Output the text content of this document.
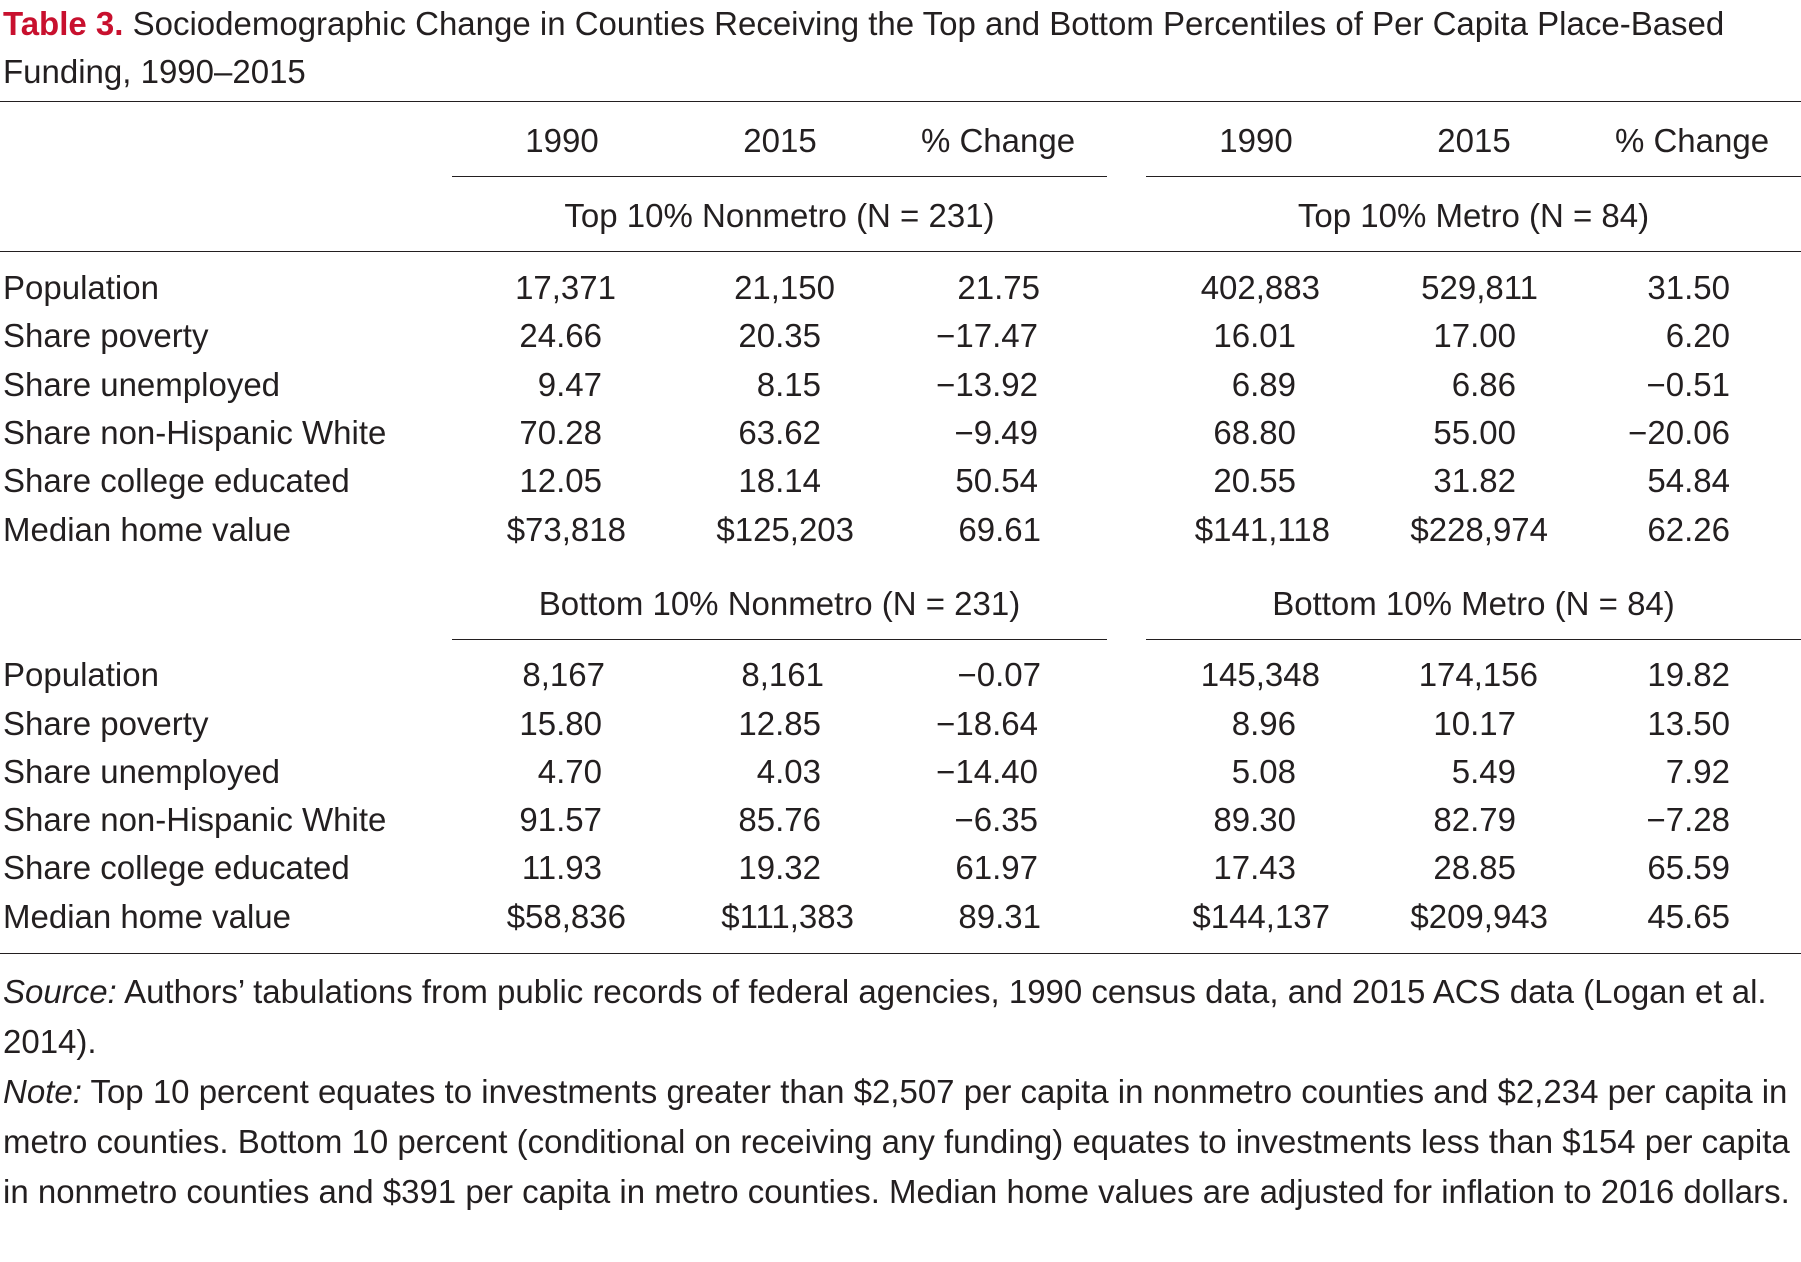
Table 3. Sociodemographic Change in Counties Receiving the Top and Bottom Percentiles of Per Capita Place-Based Funding, 1990–2015
1990	2015	% Change	1990	2015	% Change
Top 10% Nonmetro (N = 231)	Top 10% Metro (N = 84)
Population	17,371	21,150	21.75	402,883	529,811	31.50
Share poverty	24.66	20.35	−17.47	16.01	17.00	6.20
Share unemployed	9.47	8.15	−13.92	6.89	6.86	−0.51
Share non-Hispanic White	70.28	63.62	−9.49	68.80	55.00	−20.06
Share college educated	12.05	18.14	50.54	20.55	31.82	54.84
Median home value	$73,818	$125,203	69.61	$141,118	$228,974	62.26
Bottom 10% Nonmetro (N = 231)	Bottom 10% Metro (N = 84)
Population	8,167	8,161	−0.07	145,348	174,156	19.82
Share poverty	15.80	12.85	−18.64	8.96	10.17	13.50
Share unemployed	4.70	4.03	−14.40	5.08	5.49	7.92
Share non-Hispanic White	91.57	85.76	−6.35	89.30	82.79	−7.28
Share college educated	11.93	19.32	61.97	17.43	28.85	65.59
Median home value	$58,836	$111,383	89.31	$144,137	$209,943	45.65

Source: Authors’ tabulations from public records of federal agencies, 1990 census data, and 2015 ACS data (Logan et al. 2014).

Note: Top 10 percent equates to investments greater than $2,507 per capita in nonmetro counties and $2,234 per capita in metro counties. Bottom 10 percent (conditional on receiving any funding) equates to investments less than $154 per capita in nonmetro counties and $391 per capita in metro counties. Median home values are adjusted for inflation to 2016 dollars.
